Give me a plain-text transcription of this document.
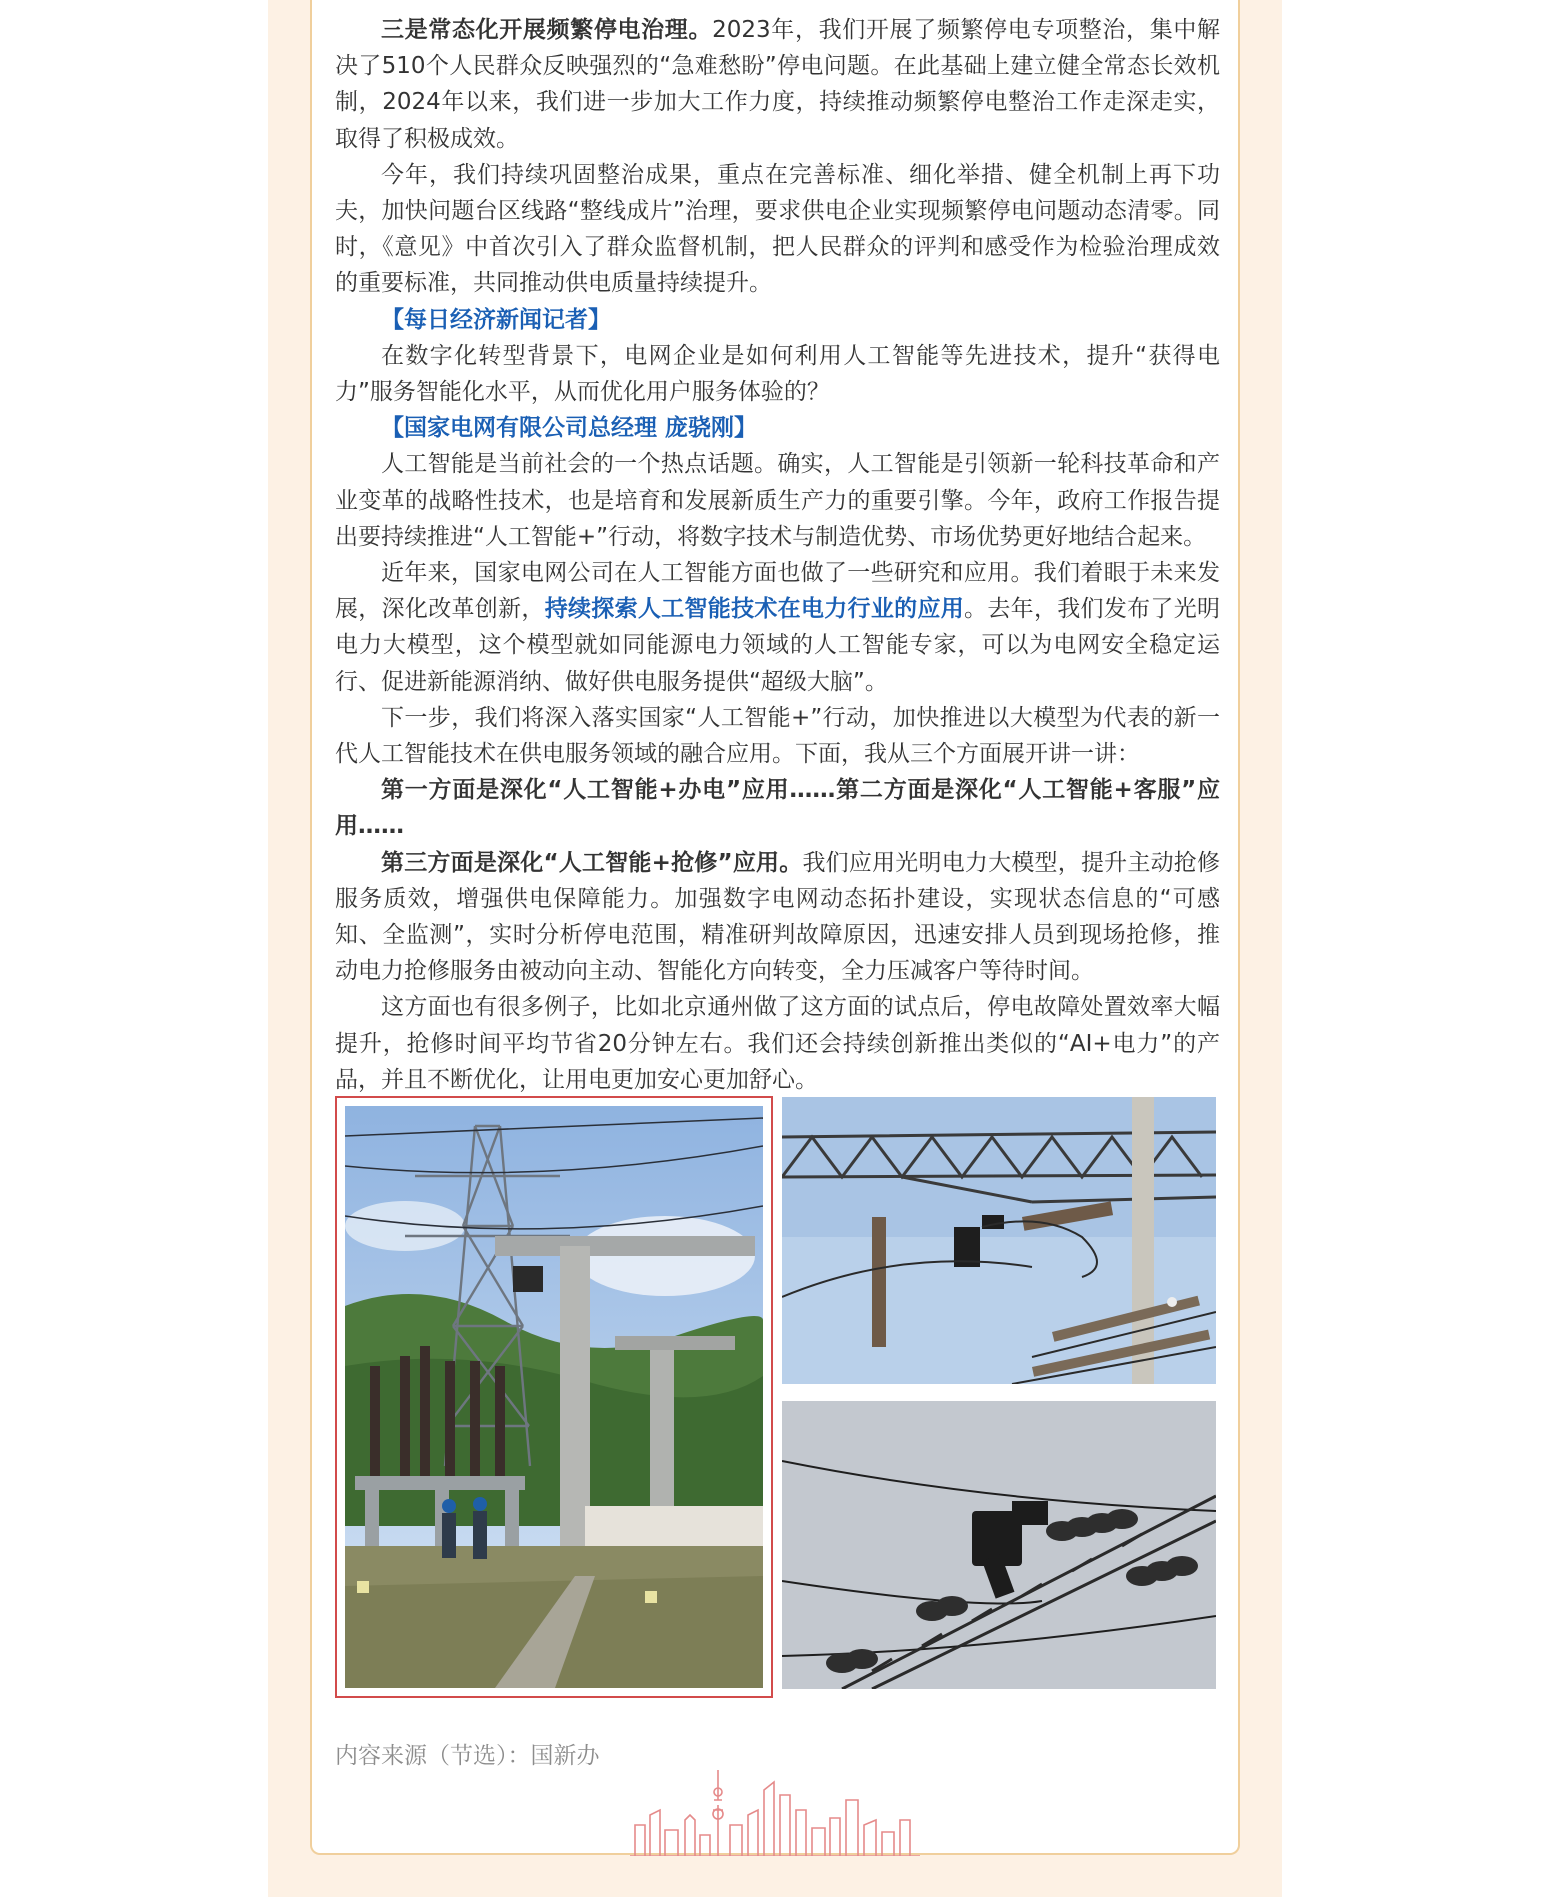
三是常态化开展频繁停电治理。2023年，我们开展了频繁停电专项整治，集中解决了510个人民群众反映强烈的“急难愁盼”停电问题。在此基础上建立健全常态长效机制，2024年以来，我们进一步加大工作力度，持续推动频繁停电整治工作走深走实，取得了积极成效。

今年，我们持续巩固整治成果，重点在完善标准、细化举措、健全机制上再下功夫，加快问题台区线路“整线成片”治理，要求供电企业实现频繁停电问题动态清零。同时，《意见》中首次引入了群众监督机制，把人民群众的评判和感受作为检验治理成效的重要标准，共同推动供电质量持续提升。

【每日经济新闻记者】

在数字化转型背景下，电网企业是如何利用人工智能等先进技术，提升“获得电力”服务智能化水平，从而优化用户服务体验的？

【国家电网有限公司总经理 庞骁刚】

人工智能是当前社会的一个热点话题。确实，人工智能是引领新一轮科技革命和产业变革的战略性技术，也是培育和发展新质生产力的重要引擎。今年，政府工作报告提出要持续推进“人工智能+”行动，将数字技术与制造优势、市场优势更好地结合起来。

近年来，国家电网公司在人工智能方面也做了一些研究和应用。我们着眼于未来发展，深化改革创新，持续探索人工智能技术在电力行业的应用。去年，我们发布了光明电力大模型，这个模型就如同能源电力领域的人工智能专家，可以为电网安全稳定运行、促进新能源消纳、做好供电服务提供“超级大脑”。

下一步，我们将深入落实国家“人工智能+”行动，加快推进以大模型为代表的新一代人工智能技术在供电服务领域的融合应用。下面，我从三个方面展开讲一讲：

第一方面是深化“人工智能+办电”应用……第二方面是深化“人工智能+客服”应用……

第三方面是深化“人工智能+抢修”应用。我们应用光明电力大模型，提升主动抢修服务质效，增强供电保障能力。加强数字电网动态拓扑建设，实现状态信息的“可感知、全监测”，实时分析停电范围，精准研判故障原因，迅速安排人员到现场抢修，推动电力抢修服务由被动向主动、智能化方向转变，全力压减客户等待时间。

这方面也有很多例子，比如北京通州做了这方面的试点后，停电故障处置效率大幅提升，抢修时间平均节省20分钟左右。我们还会持续创新推出类似的“AI+电力”的产品，并且不断优化，让用电更加安心更加舒心。

内容来源（节选）：国新办
